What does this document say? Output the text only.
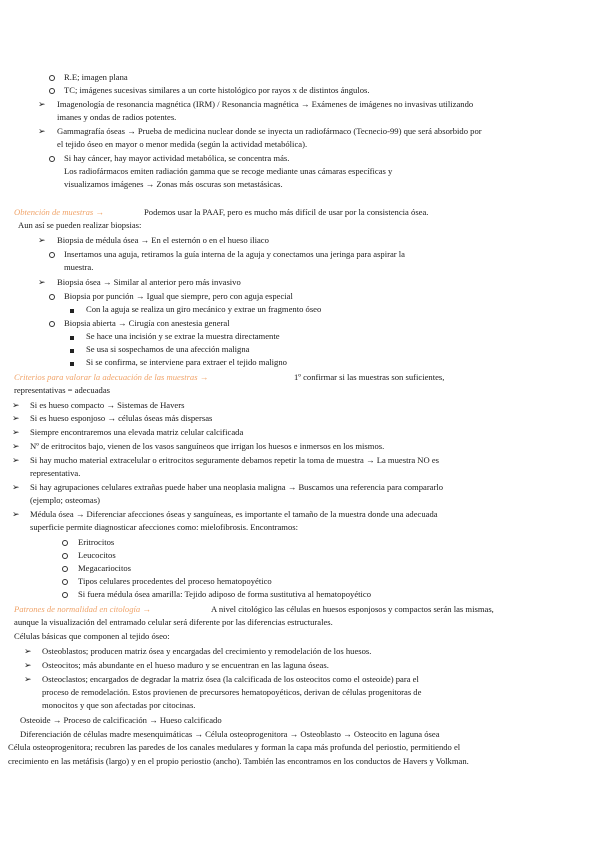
R.E; imagen plana
TC; imágenes sucesivas similares a un corte histológico por rayos x de distintos ángulos.
➢ Imagenología de resonancia magnética (IRM) / Resonancia magnética → Exámenes de imágenes no invasivas utilizando
imanes y ondas de radios potentes.
➢ Gammagrafía óseas → Prueba de medicina nuclear donde se inyecta un radiofármaco (Tecnecio-99) que será absorbido por
el tejido óseo en mayor o menor medida (según la actividad metabólica).
Si hay cáncer, hay mayor actividad metabólica, se concentra más.
Los radiofármacos emiten radiación gamma que se recoge mediante unas cámaras específicas y
visualizamos imágenes → Zonas más oscuras son metastásicas.
Obtención de muestras →	Podemos usar la PAAF, pero es mucho más difícil de usar por la consistencia ósea.
Aun así se pueden realizar biopsias:
➢ Biopsia de médula ósea → En el esternón o en el hueso iliaco
Insertamos una aguja, retiramos la guía interna de la aguja y conectamos una jeringa para aspirar la
muestra.
➢ Biopsia ósea → Similar al anterior pero más invasivo
Biopsia por punción → Igual que siempre, pero con aguja especial
Con la aguja se realiza un giro mecánico y extrae un fragmento óseo
Biopsia abierta → Cirugía con anestesia general
Se hace una incisión y se extrae la muestra directamente
Se usa si sospechamos de una afección maligna
Si se confirma, se interviene para extraer el tejido maligno
Criterios para valorar la adecuación de las muestras →	1º confirmar si las muestras son suficientes,
representativas = adecuadas
➢ Si es hueso compacto → Sistemas de Havers
➢ Si es hueso esponjoso → células óseas más dispersas
➢ Siempre encontraremos una elevada matriz celular calcificada
➢ Nº de eritrocitos bajo, vienen de los vasos sanguíneos que irrigan los huesos e inmersos en los mismos.
➢ Si hay mucho material extracelular o eritrocitos seguramente debamos repetir la toma de muestra → La muestra NO es
representativa.
➢ Si hay agrupaciones celulares extrañas puede haber una neoplasia maligna → Buscamos una referencia para compararlo
(ejemplo; osteomas)
➢ Médula ósea → Diferenciar afecciones óseas y sanguíneas, es importante el tamaño de la muestra donde una adecuada
superficie permite diagnosticar afecciones como: mielofibrosis. Encontramos:
Eritrocitos
Leucocitos
Megacariocitos
Tipos celulares procedentes del proceso hematopoyético
Si fuera médula ósea amarilla: Tejido adiposo de forma sustitutiva al hematopoyético
Patrones de normalidad en citología →	A nivel citológico las células en huesos esponjosos y compactos serán las mismas,
aunque la visualización del entramado celular será diferente por las diferencias estructurales.
Células básicas que componen al tejido óseo:
➢ Osteoblastos; producen matriz ósea y encargadas del crecimiento y remodelación de los huesos.
➢ Osteocitos; más abundante en el hueso maduro y se encuentran en las laguna óseas.
➢ Osteoclastos; encargados de degradar la matriz ósea (la calcificada de los osteocitos como el osteoide) para el
proceso de remodelación. Estos provienen de precursores hematopoyéticos, derivan de células progenitoras de
monocitos y que son afectadas por citocinas.
Osteoide → Proceso de calcificación → Hueso calcificado
Diferenciación de células madre mesenquimáticas → Célula osteoprogenitora → Osteoblasto → Osteocito en laguna ósea
Célula osteoprogenitora; recubren las paredes de los canales medulares y forman la capa más profunda del periostio, permitiendo el
crecimiento en las metáfisis (largo) y en el propio periostio (ancho). También las encontramos en los conductos de Havers y Volkman.
